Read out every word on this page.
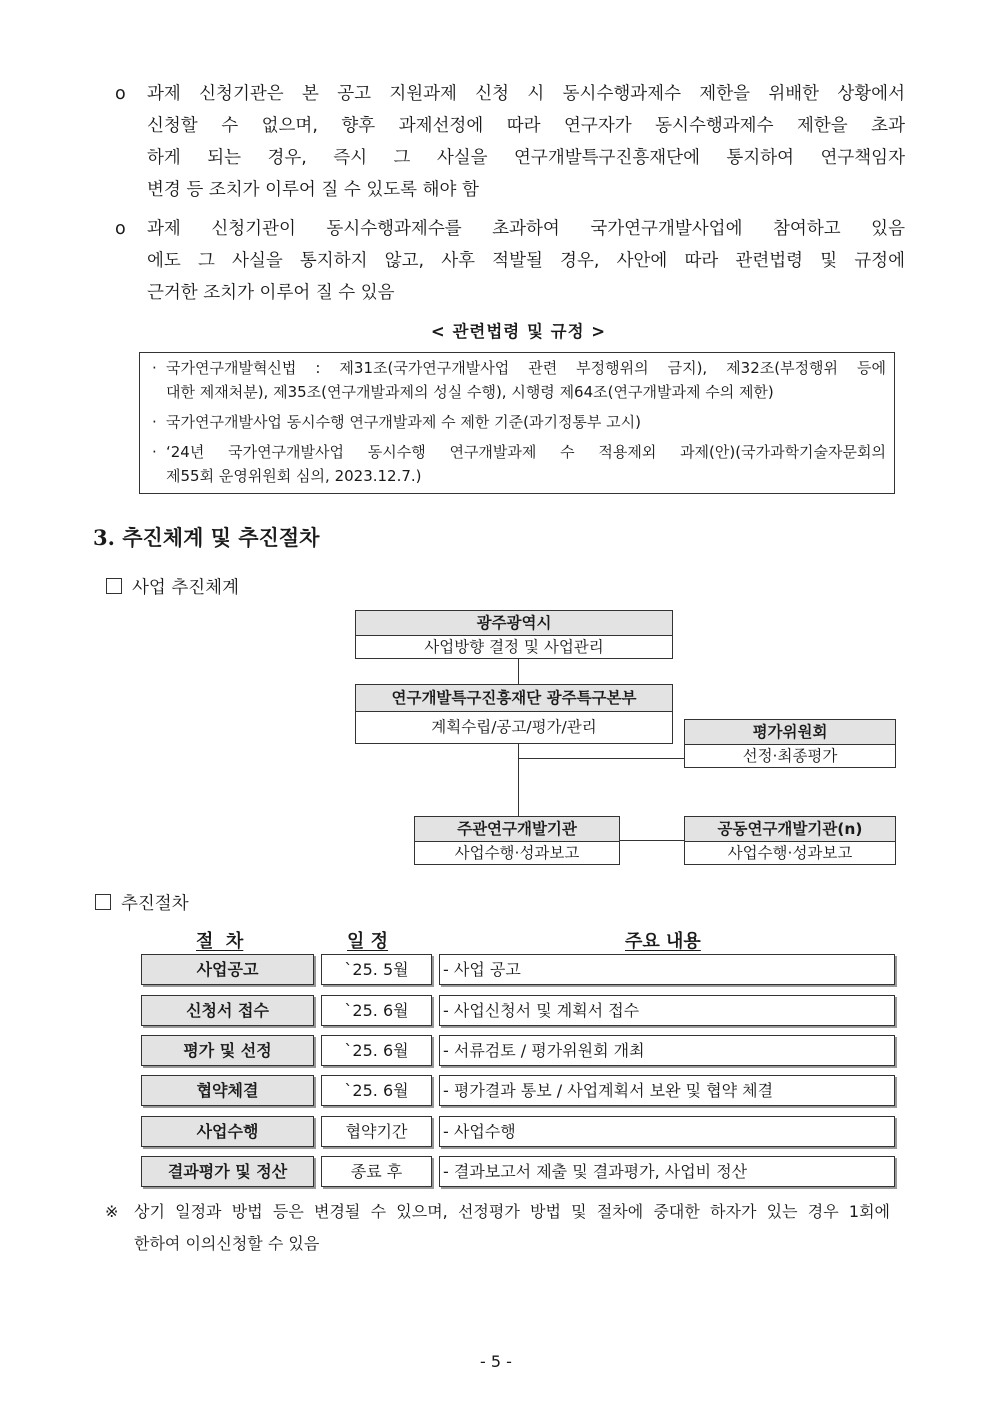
o	과제 신청기관은 본 공고 지원과제 신청 시 동시수행과제수 제한을 위배한 상황에서
신청할 수 없으며, 향후 과제선정에 따라 연구자가 동시수행과제수 제한을 초과
하게 되는 경우, 즉시 그 사실을 연구개발특구진흥재단에 통지하여 연구책임자
변경 등 조치가 이루어 질 수 있도록 해야 함
o	과제 신청기관이 동시수행과제수를 초과하여 국가연구개발사업에 참여하고 있음
에도 그 사실을 통지하지 않고, 사후 적발될 경우, 사안에 따라 관련법령 및 규정에
근거한 조치가 이루어 질 수 있음
< 관련법령 및 규정 >
· 국가연구개발혁신법 : 제31조(국가연구개발사업 관련 부정행위의 금지), 제32조(부정행위 등에
대한 제재처분), 제35조(연구개발과제의 성실 수행), 시행령 제64조(연구개발과제 수의 제한)
· 국가연구개발사업 동시수행 연구개발과제 수 제한 기준(과기정통부 고시)
· ‘24년 국가연구개발사업 동시수행 연구개발과제 수 적용제외 과제(안)(국가과학기술자문회의
제55회 운영위원회 심의, 2023.12.7.)
3. 추진체계 및 추진절차
사업 추진체계
광주광역시
사업방향 결정 및 사업관리
연구개발특구진흥재단 광주특구본부
계획수립/공고/평가/관리	평가위원회
선정·최종평가
주관연구개발기관
사업수행·성과보고
공동연구개발기관(n)
사업수행·성과보고
추진절차
절  차	일 정	주요 내용
사업공고	`25. 5월	- 사업 공고
신청서 접수	`25. 6월	- 사업신청서 및 계획서 접수
평가 및 선정	`25. 6월	- 서류검토 / 평가위원회 개최
협약체결	`25. 6월	- 평가결과 통보 / 사업계획서 보완 및 협약 체결
사업수행	협약기간	- 사업수행
결과평가 및 정산	종료 후	- 결과보고서 제출 및 결과평가, 사업비 정산
※ 상기 일정과 방법 등은 변경될 수 있으며, 선정평가 방법 및 절차에 중대한 하자가 있는 경우 1회에
한하여 이의신청할 수 있음
- 5 -
